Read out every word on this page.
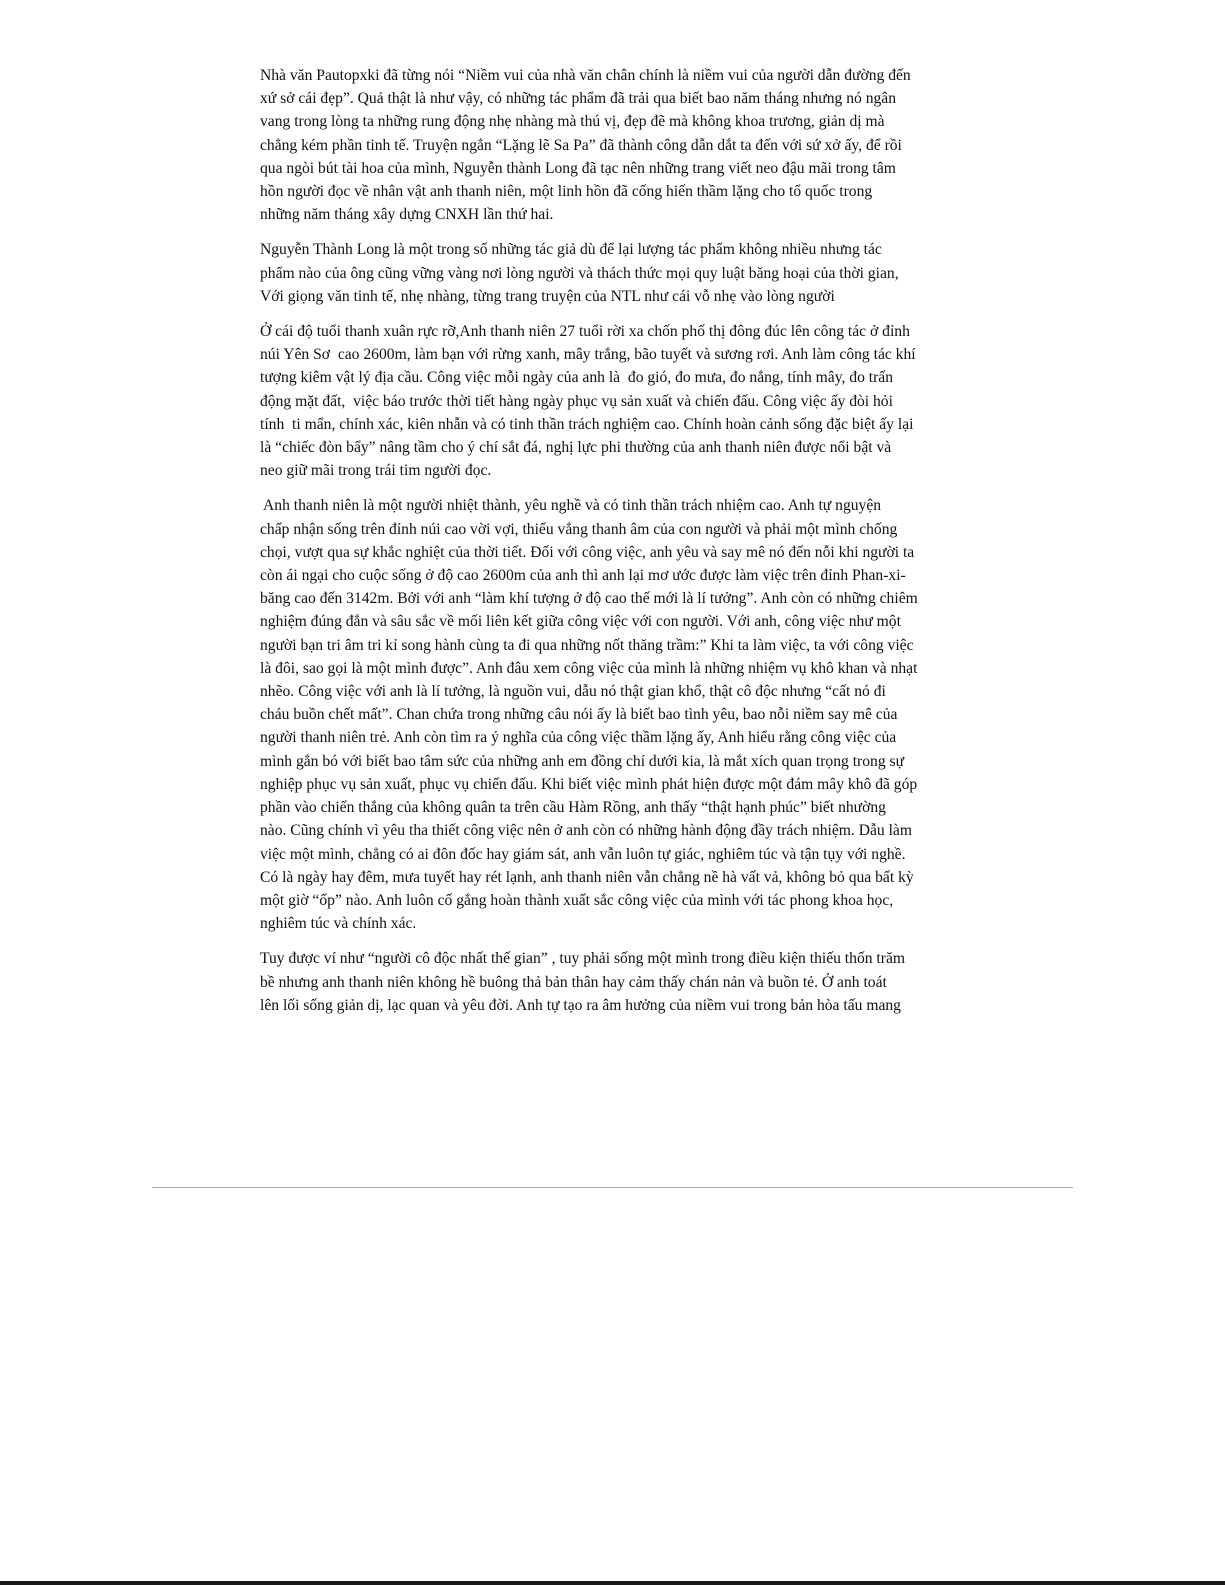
Nhà văn Pautopxki đã từng nói “Niềm vui của nhà văn chân chính là niềm vui của người dẫn đường đến
xứ sở cái đẹp”. Quả thật là như vậy, có những tác phẩm đã trải qua biết bao năm tháng nhưng nó ngân
vang trong lòng ta những rung động nhẹ nhàng mà thú vị, đẹp đẽ mà không khoa trương, giản dị mà
chẳng kém phần tinh tế. Truyện ngắn “Lặng lẽ Sa Pa” đã thành công dẫn dắt ta đến với sứ xở ấy, để rồi
qua ngòi bút tài hoa của mình, Nguyễn thành Long đã tạc nên những trang viết neo đậu mãi trong tâm
hồn người đọc về nhân vật anh thanh niên, một linh hồn đã cống hiến thầm lặng cho tổ quốc trong
những năm tháng xây dựng CNXH lần thứ hai.
Nguyễn Thành Long là một trong số những tác giả dù để lại lượng tác phẩm không nhiều nhưng tác
phẩm nào của ông cũng vững vàng nơi lòng người và thách thức mọi quy luật băng hoại của thời gian,
Với giọng văn tinh tế, nhẹ nhàng, từng trang truyện của NTL như cái vỗ nhẹ vào lòng người
Ở cái độ tuổi thanh xuân rực rỡ,Anh thanh niên 27 tuổi rời xa chốn phố thị đông đúc lên công tác ở đỉnh
núi Yên Sơ  cao 2600m, làm bạn với rừng xanh, mây trắng, bão tuyết và sương rơi. Anh làm công tác khí
tượng kiêm vật lý địa cầu. Công việc mỗi ngày của anh là  đo gió, đo mưa, đo nắng, tính mây, đo trấn
động mặt đất,  việc báo trước thời tiết hàng ngày phục vụ sản xuất và chiến đấu. Công việc ấy đòi hỏi
tính  ti mẩn, chính xác, kiên nhẫn và có tinh thần trách nghiệm cao. Chính hoàn cảnh sống đặc biệt ấy lại
là “chiếc đòn bẩy” nâng tầm cho ý chí sắt đá, nghị lực phi thường của anh thanh niên được nổi bật và
neo giữ mãi trong trái tim người đọc.
Anh thanh niên là một người nhiệt thành, yêu nghề và có tinh thần trách nhiệm cao. Anh tự nguyện
chấp nhận sống trên đỉnh núi cao vời vợi, thiếu vắng thanh âm của con người và phải một mình chống
chọi, vượt qua sự khắc nghiệt của thời tiết. Đối với công việc, anh yêu và say mê nó đến nỗi khi người ta
còn ái ngại cho cuộc sống ở độ cao 2600m của anh thì anh lại mơ ước được làm việc trên đỉnh Phan-xi-
băng cao đến 3142m. Bởi với anh “làm khí tượng ở độ cao thế mới là lí tưởng”. Anh còn có những chiêm
nghiệm đúng đắn và sâu sắc về mối liên kết giữa công việc với con người. Với anh, công việc như một
người bạn tri âm tri kỉ song hành cùng ta đi qua những nốt thăng trầm:” Khi ta làm việc, ta với công việc
là đôi, sao gọi là một mình được”. Anh đâu xem công việc của mình là những nhiệm vụ khô khan và nhạt
nhẽo. Công việc với anh là lí tưởng, là nguồn vui, dẫu nó thật gian khổ, thật cô độc nhưng “cất nó đi
cháu buồn chết mất”. Chan chứa trong những câu nói ấy là biết bao tình yêu, bao nỗi niềm say mê của
người thanh niên trẻ. Anh còn tìm ra ý nghĩa của công việc thầm lặng ấy, Anh hiểu rằng công việc của
mình gắn bó với biết bao tâm sức của những anh em đồng chí dưới kia, là mắt xích quan trọng trong sự
nghiệp phục vụ sản xuất, phục vụ chiến đấu. Khi biết việc mình phát hiện được một đám mây khô đã góp
phần vào chiến thắng của không quân ta trên cầu Hàm Rồng, anh thấy “thật hạnh phúc” biết nhường
nào. Cũng chính vì yêu tha thiết công việc nên ở anh còn có những hành động đầy trách nhiệm. Dẫu làm
việc một mình, chẳng có ai đôn đốc hay giám sát, anh vẫn luôn tự giác, nghiêm túc và tận tụy với nghề.
Có là ngày hay đêm, mưa tuyết hay rét lạnh, anh thanh niên vẫn chẳng nề hà vất vả, không bỏ qua bất kỳ
một giờ “ốp” nào. Anh luôn cố gắng hoàn thành xuất sắc công việc của mình với tác phong khoa học,
nghiêm túc và chính xác.
Tuy được ví như “người cô độc nhất thế gian” , tuy phải sống một mình trong điều kiện thiếu thốn trăm
bề nhưng anh thanh niên không hề buông thả bản thân hay cảm thấy chán nản và buồn tẻ. Ở anh toát
lên lối sống giản dị, lạc quan và yêu đời. Anh tự tạo ra âm hưởng của niềm vui trong bản hòa tấu mang
